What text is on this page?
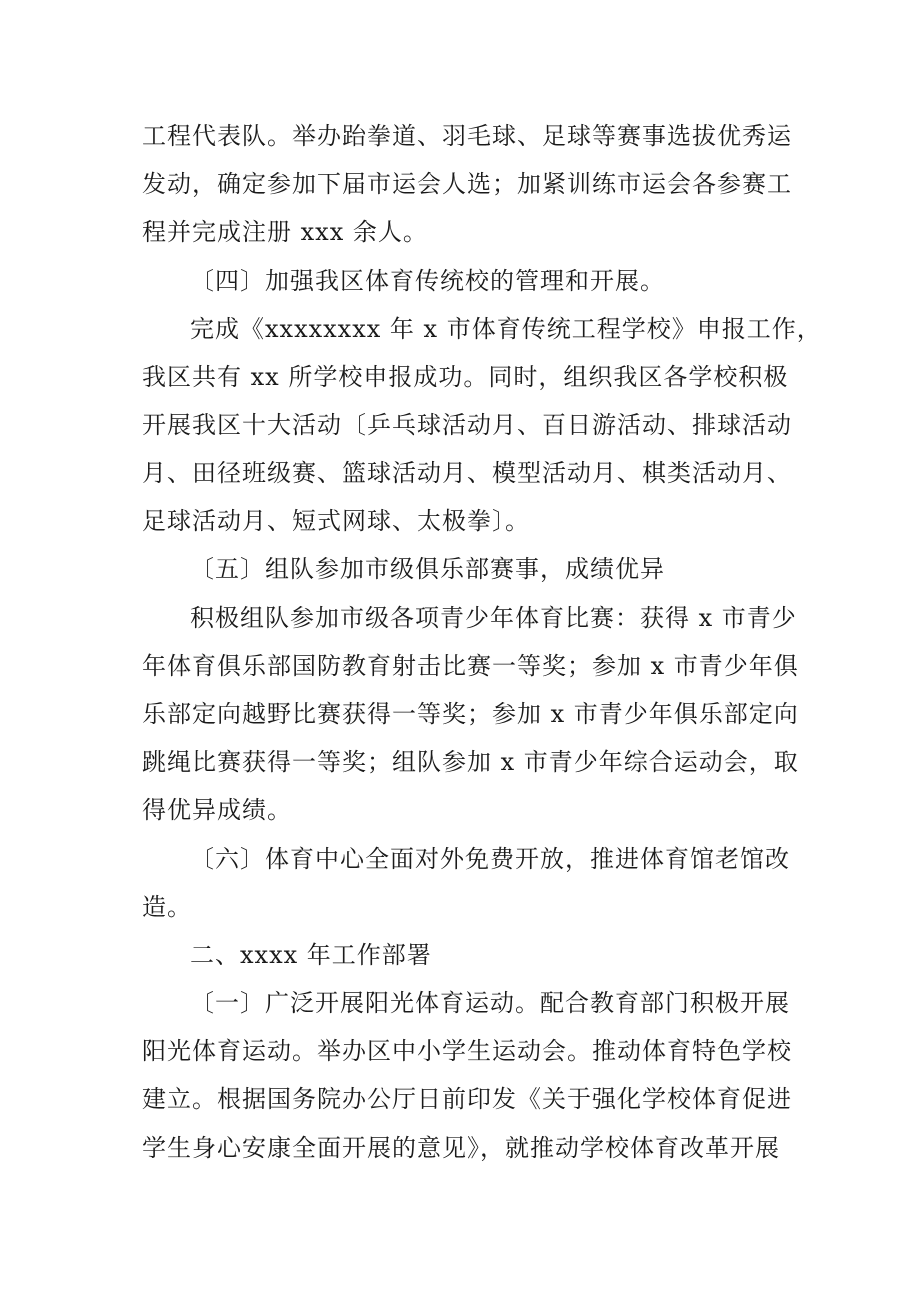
工程代表队。举办跆拳道、羽毛球、足球等赛事选拔优秀运
发动，确定参加下届市运会人选；加紧训练市运会各参赛工
程并完成注册 xxx 余人。
〔四〕加强我区体育传统校的管理和开展。
完成《xxxxxxxx 年 x 市体育传统工程学校》申报工作，
我区共有 xx 所学校申报成功。同时，组织我区各学校积极
开展我区十大活动〔乒乓球活动月、百日游活动、排球活动
月、田径班级赛、篮球活动月、模型活动月、棋类活动月、
足球活动月、短式网球、太极拳〕。
〔五〕组队参加市级俱乐部赛事，成绩优异
积极组队参加市级各项青少年体育比赛：获得 x 市青少
年体育俱乐部国防教育射击比赛一等奖；参加 x 市青少年俱
乐部定向越野比赛获得一等奖；参加 x 市青少年俱乐部定向
跳绳比赛获得一等奖；组队参加 x 市青少年综合运动会，取
得优异成绩。
〔六〕体育中心全面对外免费开放，推进体育馆老馆改
造。
二、xxxx 年工作部署
〔一〕广泛开展阳光体育运动。配合教育部门积极开展
阳光体育运动。举办区中小学生运动会。推动体育特色学校
建立。根据国务院办公厅日前印发《关于强化学校体育促进
学生身心安康全面开展的意见》，就推动学校体育改革开展
